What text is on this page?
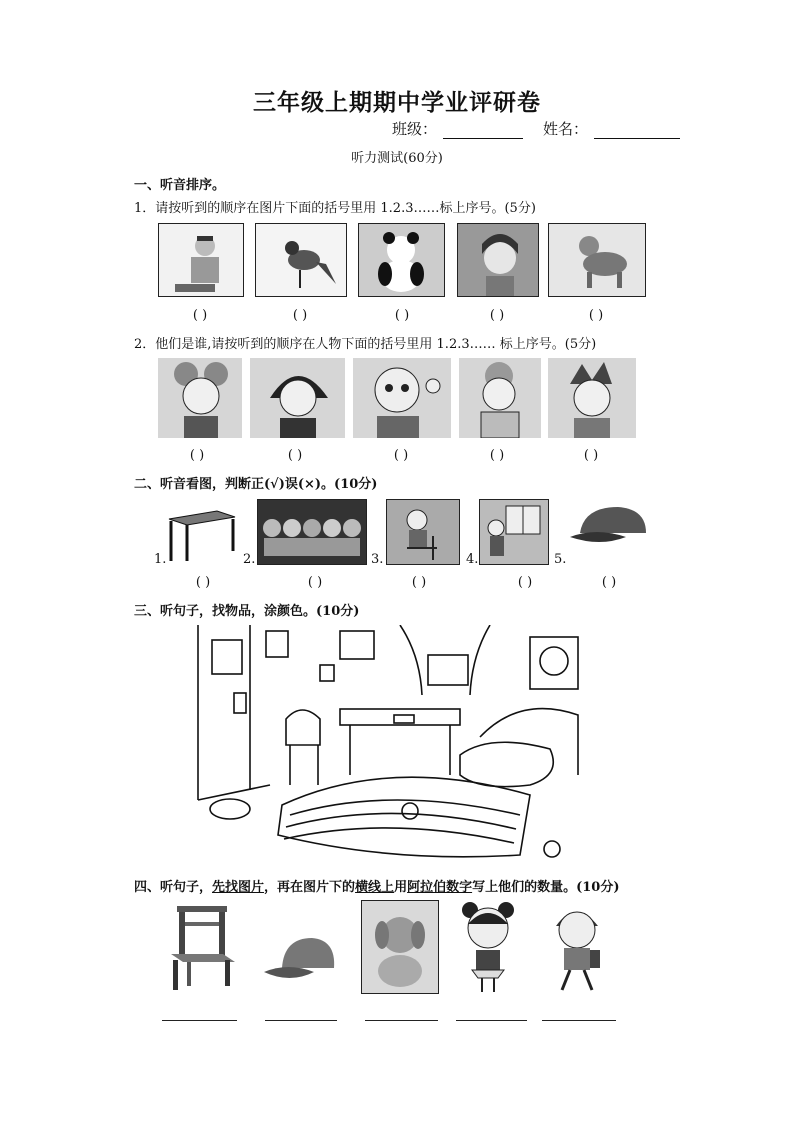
三年级上期期中学业评研卷
班级：	姓名：
听力测试(60分)
一、听音排序。
1．请按听到的顺序在图片下面的括号里用 1.2.3……标上序号。(5分)
( )	( )	( )	( )	( )
2．他们是谁,请按听到的顺序在人物下面的括号里用 1.2.3…… 标上序号。(5分)
( )	( )	( )	( )	( )
二、听音看图，判断正(√)误(×)。(10分)
1.	2.	3.	4.	5.
( )	( )	( )	( )	( )
三、听句子，找物品，涂颜色。(10分)
四、听句子，先找图片，再在图片下的横线上用阿拉伯数字写上他们的数量。(10分)
